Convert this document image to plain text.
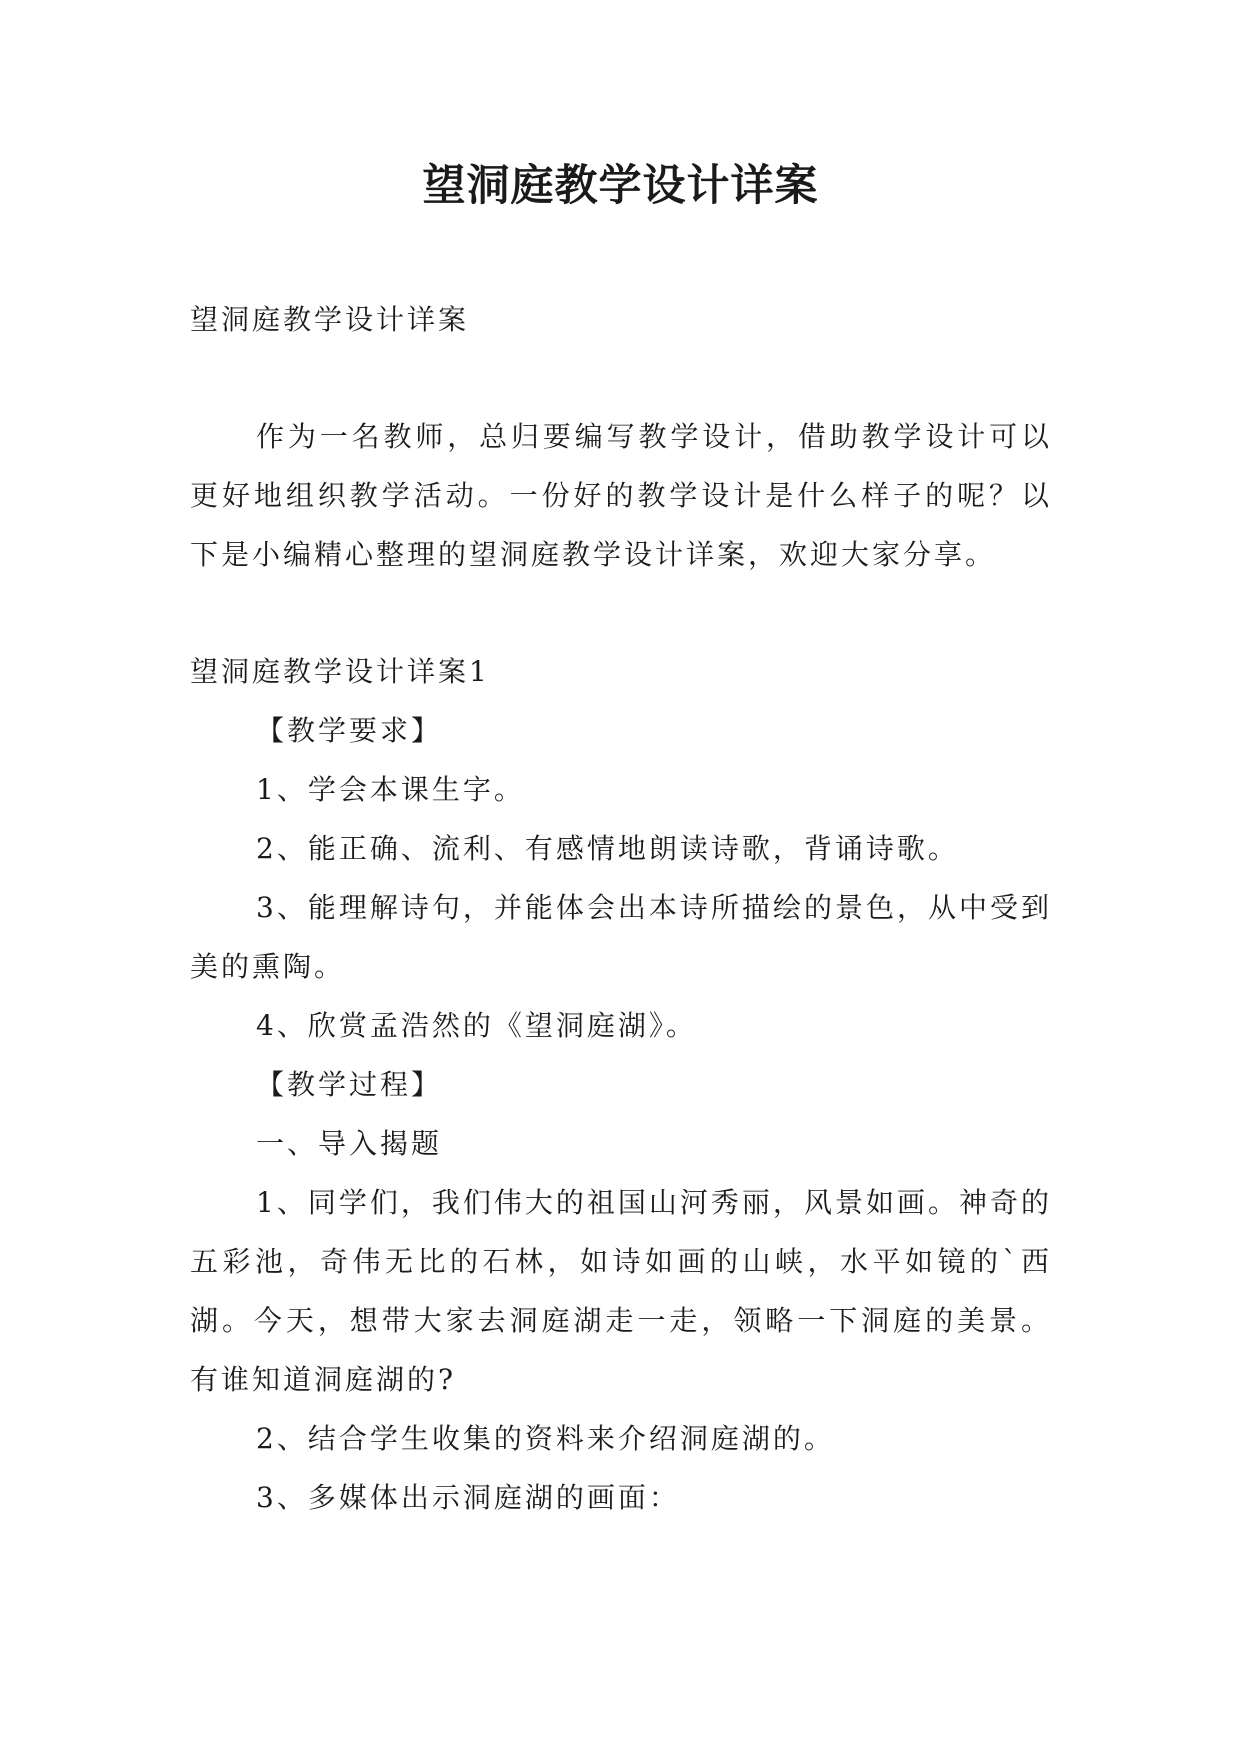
望洞庭教学设计详案

望洞庭教学设计详案

作为一名教师，总归要编写教学设计，借助教学设计可以更好地组织教学活动。一份好的教学设计是什么样子的呢？以下是小编精心整理的望洞庭教学设计详案，欢迎大家分享。

望洞庭教学设计详案1

【教学要求】

1、学会本课生字。

2、能正确、流利、有感情地朗读诗歌，背诵诗歌。

3、能理解诗句，并能体会出本诗所描绘的景色，从中受到美的熏陶。

4、欣赏孟浩然的《望洞庭湖》。

【教学过程】

一、导入揭题

1、同学们，我们伟大的祖国山河秀丽，风景如画。神奇的五彩池，奇伟无比的石林，如诗如画的山峡，水平如镜的`西湖。今天，想带大家去洞庭湖走一走，领略一下洞庭的美景。有谁知道洞庭湖的?

2、结合学生收集的资料来介绍洞庭湖的。

3、多媒体出示洞庭湖的画面：
